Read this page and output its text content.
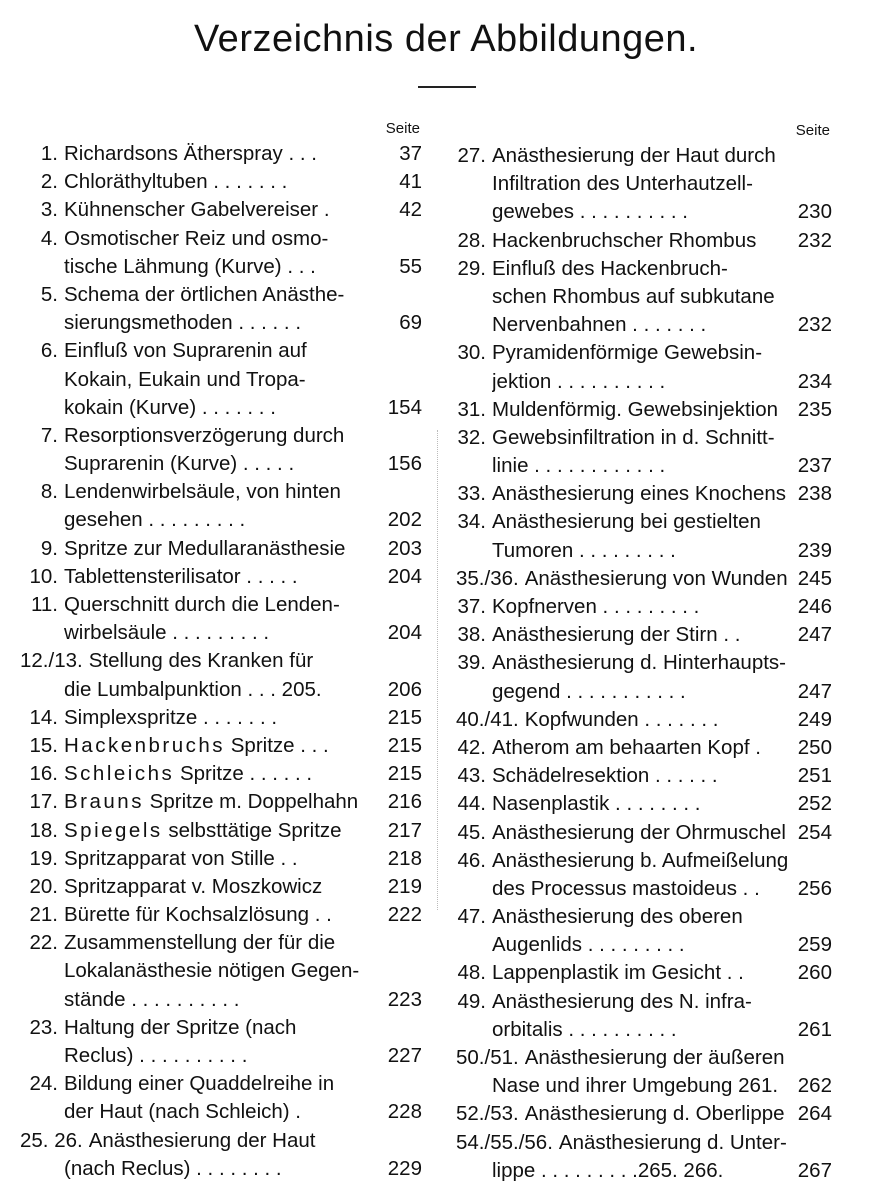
Verzeichnis der Abbildungen.
Seite
1. Richardsons Ätherspray . . .	37
2. Chloräthyltuben . . . . . . .	41
3. Kühnenscher Gabelvereiser .	42
4. Osmotischer Reiz und osmo-
tische Lähmung (Kurve) . . .	55
5. Schema der örtlichen Anästhe-
sierungsmethoden . . . . . .	69
6. Einfluß von Suprarenin auf
Kokain, Eukain und Tropa-
kokain (Kurve) . . . . . . .	154
7. Resorptionsverzögerung durch
Suprarenin (Kurve) . . . . .	156
8. Lendenwirbelsäule, von hinten
gesehen . . . . . . . . .	202
9. Spritze zur Medullaranästhesie	203
10. Tablettensterilisator . . . . .	204
11. Querschnitt durch die Lenden-
wirbelsäule . . . . . . . . .	204
12./13. Stellung des Kranken für
die Lumbalpunktion . . . 205.	206
14. Simplexspritze . . . . . . .	215
15. Hackenbruchs Spritze . . .	215
16. Schleichs Spritze . . . . . .	215
17. Brauns Spritze m. Doppelhahn	216
18. Spiegels selbsttätige Spritze	217
19. Spritzapparat von Stille . .	218
20. Spritzapparat v. Moszkowicz	219
21. Bürette für Kochsalzlösung . .	222
22. Zusammenstellung der für die
Lokalanästhesie nötigen Gegen-
stände . . . . . . . . . .	223
23. Haltung der Spritze (nach
Reclus) . . . . . . . . . .	227
24. Bildung einer Quaddelreihe in
der Haut (nach Schleich) .	228
25. 26. Anästhesierung der Haut
(nach Reclus) . . . . . . . .	229
Seite
27. Anästhesierung der Haut durch
Infiltration des Unterhautzell-
gewebes . . . . . . . . . .	230
28. Hackenbruchscher Rhombus	232
29. Einfluß des Hackenbruch-
schen Rhombus auf subkutane
Nervenbahnen . . . . . . .	232
30. Pyramidenförmige Gewebsin-
jektion . . . . . . . . . .	234
31. Muldenförmig. Gewebsinjektion 235
32. Gewebsinfiltration in d. Schnitt-
linie . . . . . . . . . . . .	237
33. Anästhesierung eines Knochens 238
34. Anästhesierung bei gestielten
Tumoren . . . . . . . . .	239
35./36. Anästhesierung von Wunden 245
37. Kopfnerven . . . . . . . . .	246
38. Anästhesierung der Stirn . .	247
39. Anästhesierung d. Hinterhaupts-
gegend . . . . . . . . . . .	247
40./41. Kopfwunden . . . . . . .	249
42. Atherom am behaarten Kopf .	250
43. Schädelresektion . . . . . .	251
44. Nasenplastik . . . . . . . .	252
45. Anästhesierung der Ohrmuschel 254
46. Anästhesierung b. Aufmeißelung
des Processus mastoideus . .	256
47. Anästhesierung des oberen
Augenlids . . . . . . . . .	259
48. Lappenplastik im Gesicht . .	260
49. Anästhesierung des N. infra-
orbitalis . . . . . . . . . .	261
50./51. Anästhesierung der äußeren
Nase und ihrer Umgebung 261. 262
52./53. Anästhesierung d. Oberlippe 264
54./55./56. Anästhesierung d. Unter-
lippe . . . . . . . . .265. 266.	267
